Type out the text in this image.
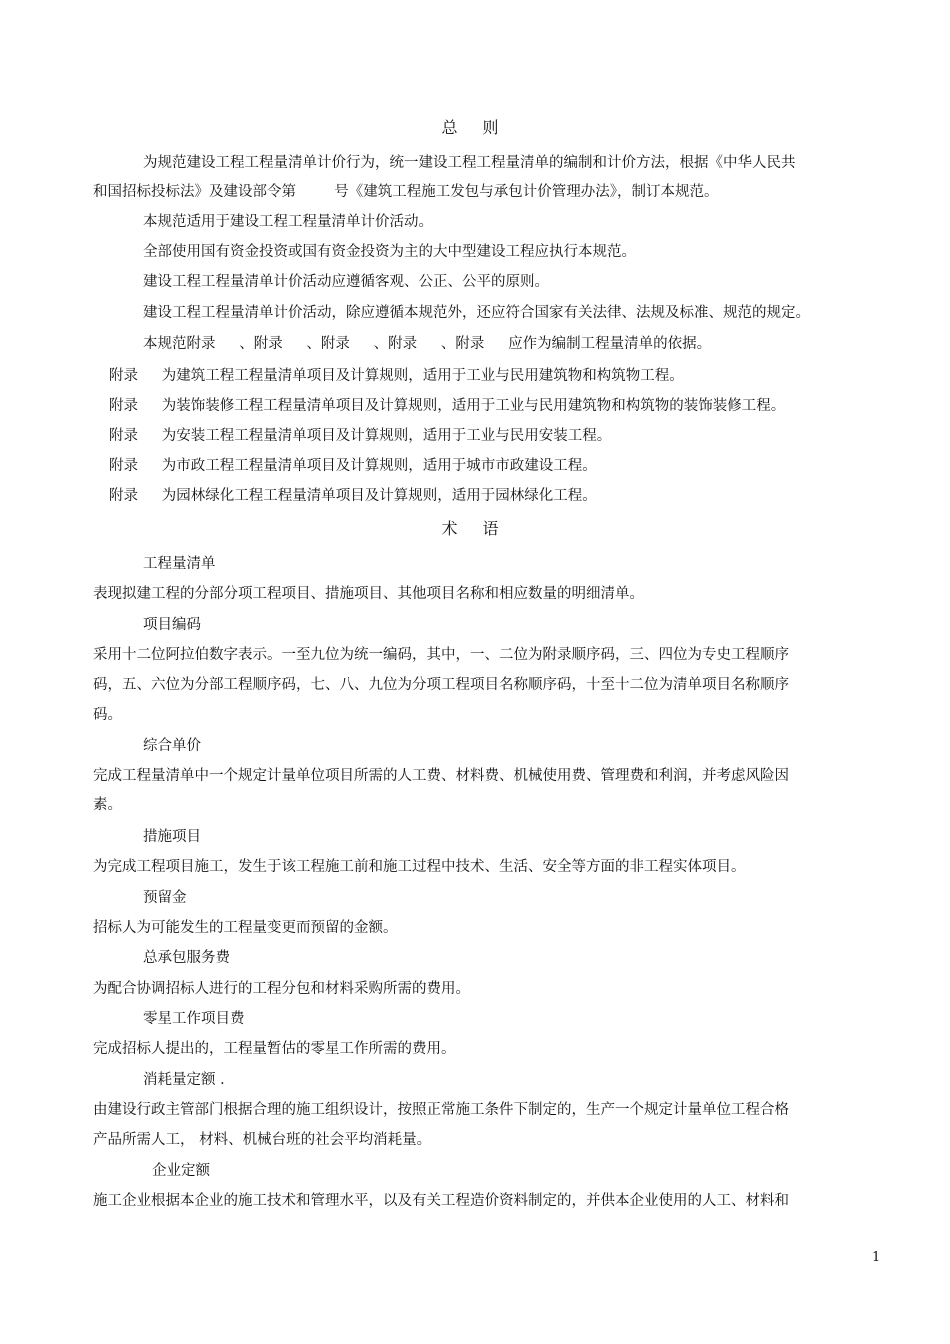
总 则
为规范建设工程工程量清单计价行为，统一建设工程工程量清单的编制和计价方法，根据《中华人民共
和国招标投标法》及建设部令第 　 　号《建筑工程施工发包与承包计价管理办法》，制订本规范。
本规范适用于建设工程工程量清单计价活动。
全部使用国有资金投资或国有资金投资为主的大中型建设工程应执行本规范。
建设工程工程量清单计价活动应遵循客观、公正、公平的原则。
建设工程工程量清单计价活动，除应遵循本规范外，还应符合国家有关法律、法规及标准、规范的规定。
本规范附录 　 、附录 　 、附录 　 、附录 　 、附录 　 应作为编制工程量清单的依据。
附录 　 为建筑工程工程量清单项目及计算规则，适用于工业与民用建筑物和构筑物工程。
附录 　 为装饰装修工程工程量清单项目及计算规则，适用于工业与民用建筑物和构筑物的装饰装修工程。
附录 　 为安装工程工程量清单项目及计算规则，适用于工业与民用安装工程。
附录 　 为市政工程工程量清单项目及计算规则，适用于城市市政建设工程。
附录 　 为园林绿化工程工程量清单项目及计算规则，适用于园林绿化工程。
术 语
工程量清单
表现拟建工程的分部分项工程项目、措施项目、其他项目名称和相应数量的明细清单。
项目编码
采用十二位阿拉伯数字表示。一至九位为统一编码，其中，一、二位为附录顺序码，三、四位为专史工程顺序
码，五、六位为分部工程顺序码，七、八、九位为分项工程项目名称顺序码，十至十二位为清单项目名称顺序
码。
综合单价
完成工程量清单中一个规定计量单位项目所需的人工费、材料费、机械使用费、管理费和利润，并考虑风险因
素。
措施项目
为完成工程项目施工，发生于该工程施工前和施工过程中技术、生活、安全等方面的非工程实体项目。
预留金
招标人为可能发生的工程量变更而预留的金额。
总承包服务费
为配合协调招标人进行的工程分包和材料采购所需的费用。
零星工作项目费
完成招标人提出的，工程量暂估的零星工作所需的费用。
消耗量定额 ．
由建设行政主管部门根据合理的施工组织设计，按照正常施工条件下制定的，生产一个规定计量单位工程合格
产品所需人工， 材料、机械台班的社会平均消耗量。
企业定额
施工企业根据本企业的施工技术和管理水平，以及有关工程造价资料制定的，并供本企业使用的人工、材料和
1
